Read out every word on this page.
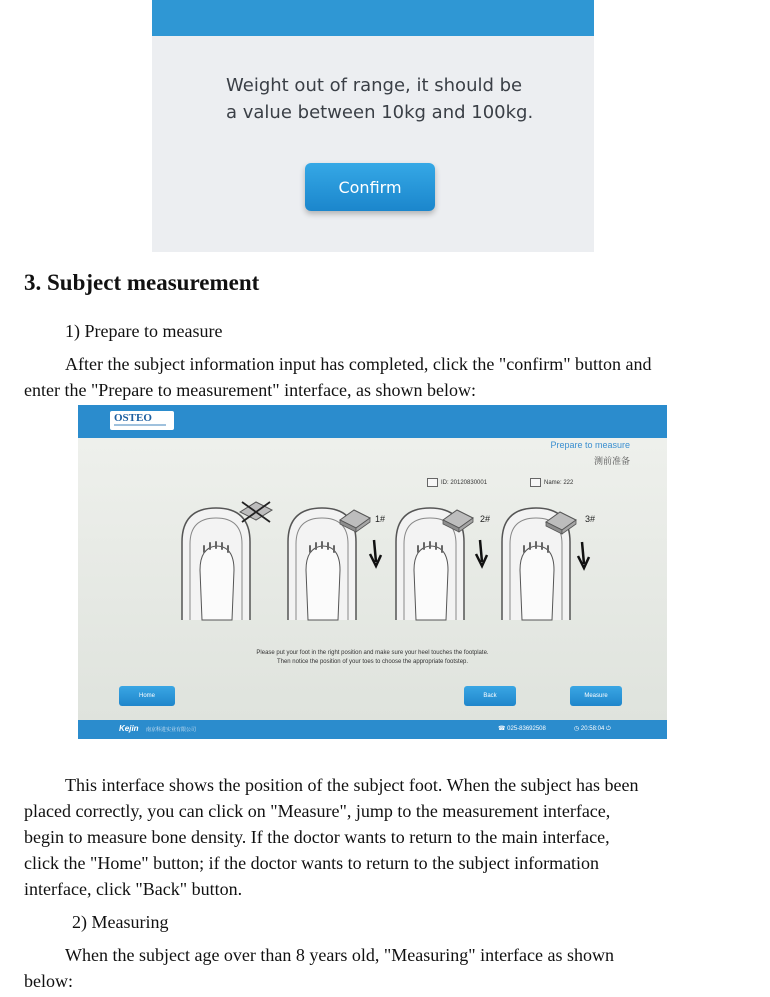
Weight out of range, it should be
a value between 10kg and 100kg.
Confirm
3. Subject measurement

1) Prepare to measure

After the subject information input has completed, click the "confirm" button and

enter the "Prepare to measurement" interface, as shown below:

OSTEO
Prepare to measure
测前准备
ID: 20120830001	Name: 222
1#	2#	3#
Please put your foot in the right position and make sure your heel touches the footplate.
Then notice the position of your toes to choose the appropriate footstep.
Home	Back	Measure
Kejin 南京科进实业有限公司	☎ 025-83692508	◷ 20:58:04 ⏻

This interface shows the position of the subject foot. When the subject has been

placed correctly, you can click on "Measure", jump to the measurement interface,

begin to measure bone density. If the doctor wants to return to the main interface,

click the "Home" button; if the doctor wants to return to the subject information

interface, click "Back" button.

2) Measuring

When the subject age over than 8 years old, "Measuring" interface as shown

below:
